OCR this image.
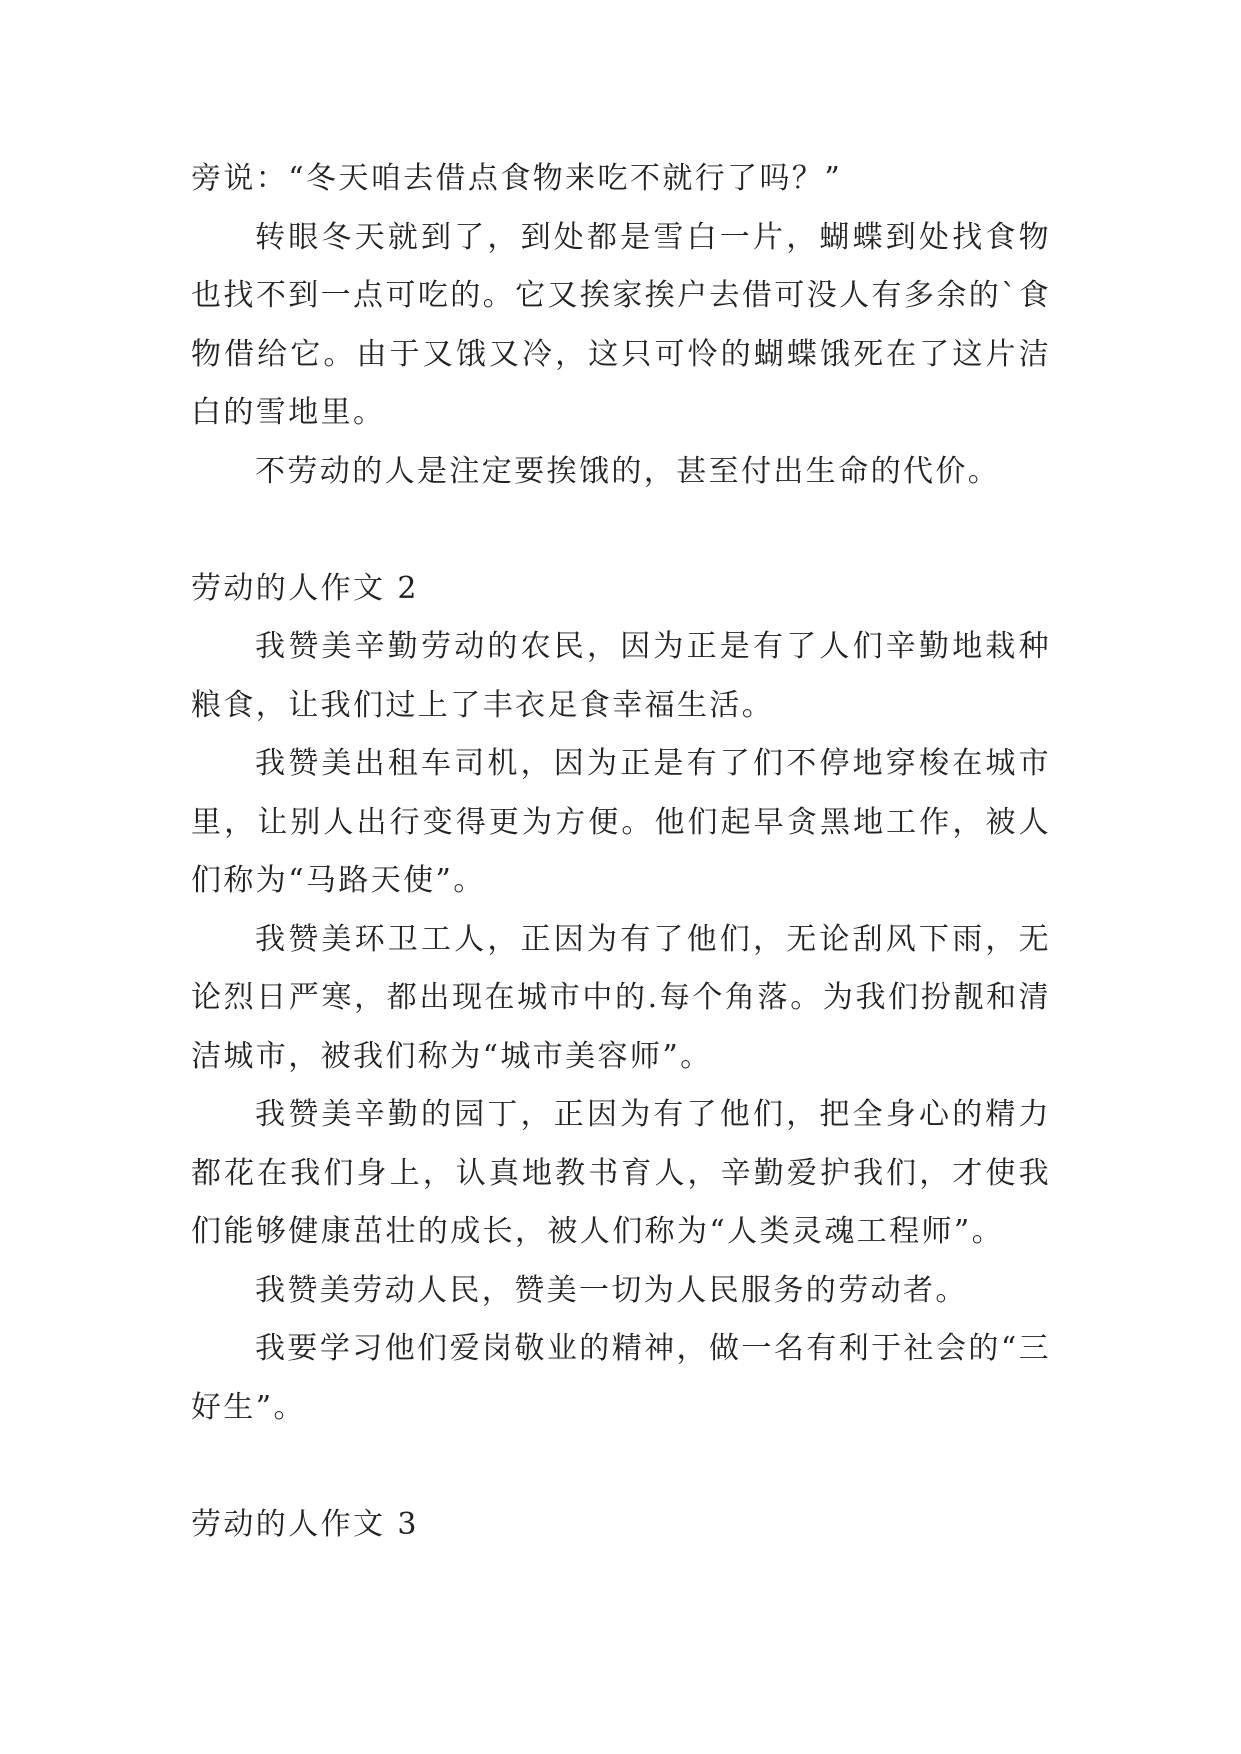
旁说：“冬天咱去借点食物来吃不就行了吗？”

转眼冬天就到了，到处都是雪白一片，蝴蝶到处找食物也找不到一点可吃的。它又挨家挨户去借可没人有多余的`食物借给它。由于又饿又冷，这只可怜的蝴蝶饿死在了这片洁白的雪地里。

不劳动的人是注定要挨饿的，甚至付出生命的代价。

劳动的人作文 2

我赞美辛勤劳动的农民，因为正是有了人们辛勤地栽种粮食，让我们过上了丰衣足食幸福生活。

我赞美出租车司机，因为正是有了们不停地穿梭在城市里，让别人出行变得更为方便。他们起早贪黑地工作，被人们称为“马路天使”。

我赞美环卫工人，正因为有了他们，无论刮风下雨，无论烈日严寒，都出现在城市中的.每个角落。为我们扮靓和清洁城市，被我们称为“城市美容师”。

我赞美辛勤的园丁，正因为有了他们，把全身心的精力都花在我们身上，认真地教书育人，辛勤爱护我们，才使我们能够健康茁壮的成长，被人们称为“人类灵魂工程师”。

我赞美劳动人民，赞美一切为人民服务的劳动者。

我要学习他们爱岗敬业的精神，做一名有利于社会的“三好生”。

劳动的人作文 3
